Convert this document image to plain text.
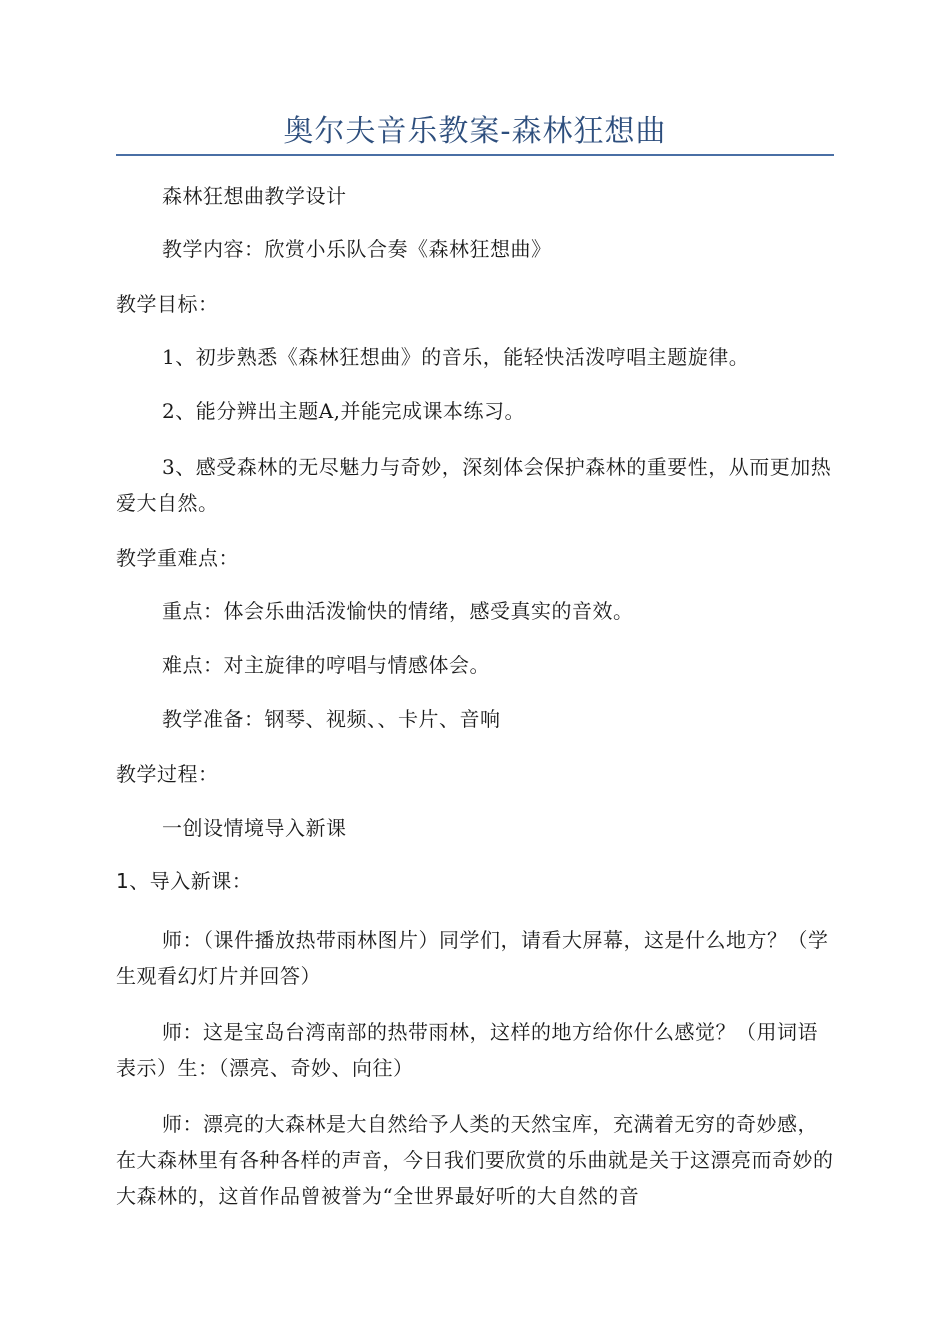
奥尔夫音乐教案-森林狂想曲

森林狂想曲教学设计

教学内容：欣赏小乐队合奏《森林狂想曲》

教学目标：

1、初步熟悉《森林狂想曲》的音乐，能轻快活泼哼唱主题旋律。

2、能分辨出主题A,并能完成课本练习。

3、感受森林的无尽魅力与奇妙，深刻体会保护森林的重要性，从而更加热爱大自然。

教学重难点：

重点：体会乐曲活泼愉快的情绪，感受真实的音效。

难点：对主旋律的哼唱与情感体会。

教学准备：钢琴、视频、、卡片、音响

教学过程：

一创设情境导入新课

1、导入新课：

师：（课件播放热带雨林图片）同学们，请看大屏幕，这是什么地方？（学生观看幻灯片并回答）

师：这是宝岛台湾南部的热带雨林，这样的地方给你什么感觉？（用词语表示）生：（漂亮、奇妙、向往）

师：漂亮的大森林是大自然给予人类的天然宝库，充满着无穷的奇妙感，在大森林里有各种各样的声音，今日我们要欣赏的乐曲就是关于这漂亮而奇妙的大森林的，这首作品曾被誉为“全世界最好听的大自然的音
